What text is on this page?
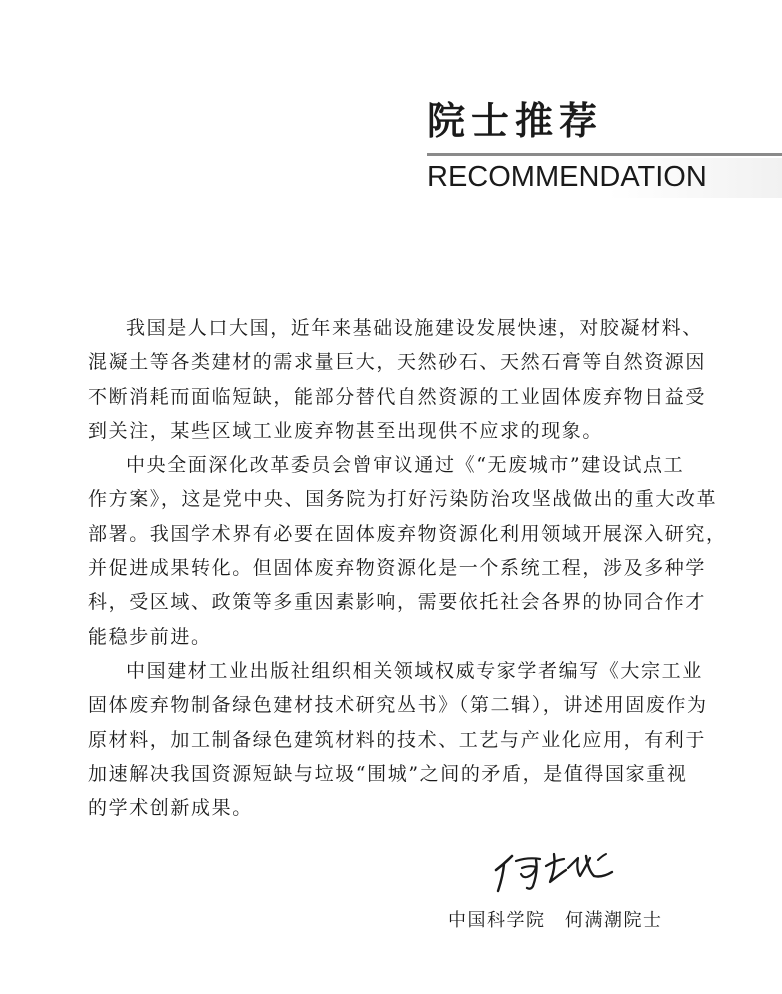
院士推荐
RECOMMENDATION
我国是人口大国，近年来基础设施建设发展快速，对胶凝材料、
混凝土等各类建材的需求量巨大，天然砂石、天然石膏等自然资源因
不断消耗而面临短缺，能部分替代自然资源的工业固体废弃物日益受
到关注，某些区域工业废弃物甚至出现供不应求的现象。
中央全面深化改革委员会曾审议通过《“无废城市”建设试点工
作方案》，这是党中央、国务院为打好污染防治攻坚战做出的重大改革
部署。我国学术界有必要在固体废弃物资源化利用领域开展深入研究，
并促进成果转化。但固体废弃物资源化是一个系统工程，涉及多种学
科，受区域、政策等多重因素影响，需要依托社会各界的协同合作才
能稳步前进。
中国建材工业出版社组织相关领域权威专家学者编写《大宗工业
固体废弃物制备绿色建材技术研究丛书》（第二辑），讲述用固废作为
原材料，加工制备绿色建筑材料的技术、工艺与产业化应用，有利于
加速解决我国资源短缺与垃圾“围城”之间的矛盾，是值得国家重视
的学术创新成果。
中国科学院　何满潮院士
